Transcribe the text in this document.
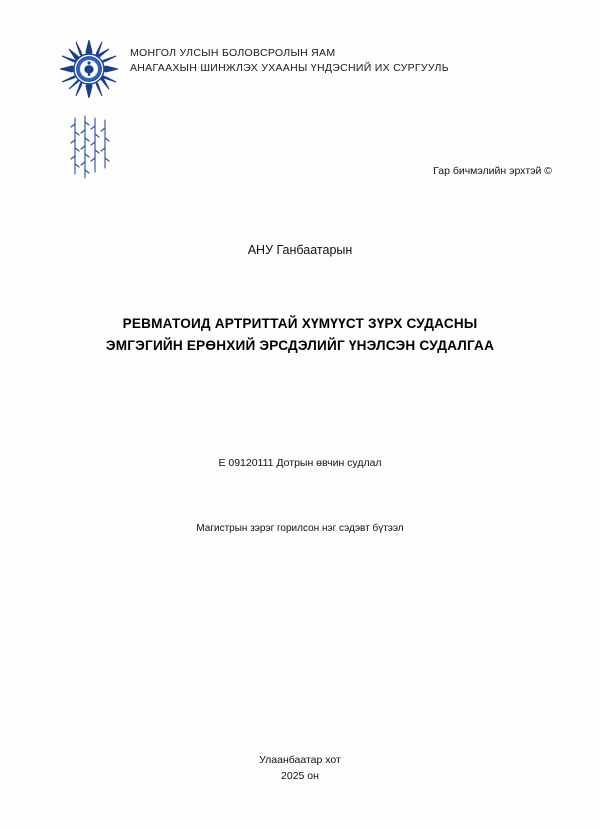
МОНГОЛ УЛСЫН БОЛОВСРОЛЫН ЯАМ
АНАГААХЫН ШИНЖЛЭХ УХААНЫ ҮНДЭСНИЙ ИХ СУРГУУЛЬ
Гар бичмэлийн эрхтэй ©
АНУ Ганбаатарын
РЕВМАТОИД АРТРИТТАЙ ХҮМҮҮСТ ЗҮРХ СУДАСНЫ
ЭМГЭГИЙН ЕРӨНХИЙ ЭРСДЭЛИЙГ ҮНЭЛСЭН СУДАЛГАА
E 09120111 Дотрын өвчин судлал
Магистрын зэрэг горилсон нэг сэдэвт бүтээл
Улаанбаатар хот
2025 он
